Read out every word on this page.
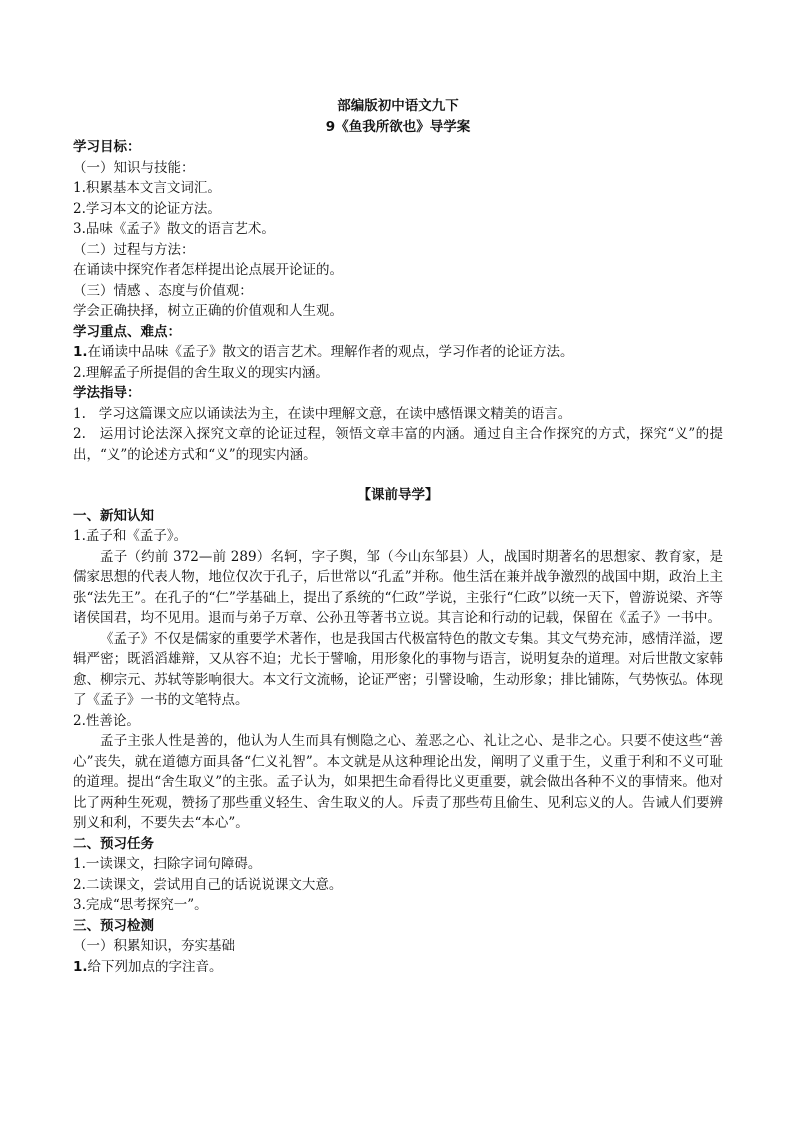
部编版初中语文九下

9《鱼我所欲也》导学案

学习目标：

（一）知识与技能：

1.积累基本文言文词汇。

2.学习本文的论证方法。

3.品味《孟子》散文的语言艺术。

（二）过程与方法：

在诵读中探究作者怎样提出论点展开论证的。

（三）情感 、态度与价值观：

学会正确抉择，树立正确的价值观和人生观。

学习重点、难点：

1.在诵读中品味《孟子》散文的语言艺术。理解作者的观点，学习作者的论证方法。

2.理解孟子所提倡的舍生取义的现实内涵。

学法指导：

1.   学习这篇课文应以诵读法为主，在读中理解文意，在读中感悟课文精美的语言。

2.   运用讨论法深入探究文章的论证过程，领悟文章丰富的内涵。通过自主合作探究的方式，探究“义”的提出，“义”的论述方式和“义”的现实内涵。

【课前导学】

一、新知认知

1.孟子和《孟子》。

孟子（约前 372—前 289）名轲，字子舆，邹（今山东邹县）人，战国时期著名的思想家、教育家，是儒家思想的代表人物，地位仅次于孔子，后世常以“孔孟”并称。他生活在兼并战争激烈的战国中期，政治上主张“法先王”。在孔子的“仁”学基础上，提出了系统的“仁政”学说，主张行“仁政”以统一天下，曾游说梁、齐等诸侯国君，均不见用。退而与弟子万章、公孙丑等著书立说。其言论和行动的记载，保留在《孟子》一书中。

《孟子》不仅是儒家的重要学术著作，也是我国古代极富特色的散文专集。其文气势充沛，感情洋溢，逻辑严密；既滔滔雄辩，又从容不迫；尤长于譬喻，用形象化的事物与语言，说明复杂的道理。对后世散文家韩愈、柳宗元、苏轼等影响很大。本文行文流畅，论证严密；引譬设喻，生动形象；排比铺陈，气势恢弘。体现了《孟子》一书的文笔特点。

2.性善论。

孟子主张人性是善的，他认为人生而具有恻隐之心、羞恶之心、礼让之心、是非之心。只要不使这些“善心”丧失，就在道德方面具备“仁义礼智”。本文就是从这种理论出发，阐明了义重于生，义重于利和不义可耻的道理。提出“舍生取义”的主张。孟子认为，如果把生命看得比义更重要，就会做出各种不义的事情来。他对比了两种生死观，赞扬了那些重义轻生、舍生取义的人。斥责了那些苟且偷生、见利忘义的人。告诫人们要辨别义和利，不要失去“本心”。

二、预习任务

1.一读课文，扫除字词句障碍。

2.二读课文，尝试用自己的话说说课文大意。

3.完成“思考探究一”。

三、预习检测

（一）积累知识，夯实基础

1.给下列加点的字注音。
